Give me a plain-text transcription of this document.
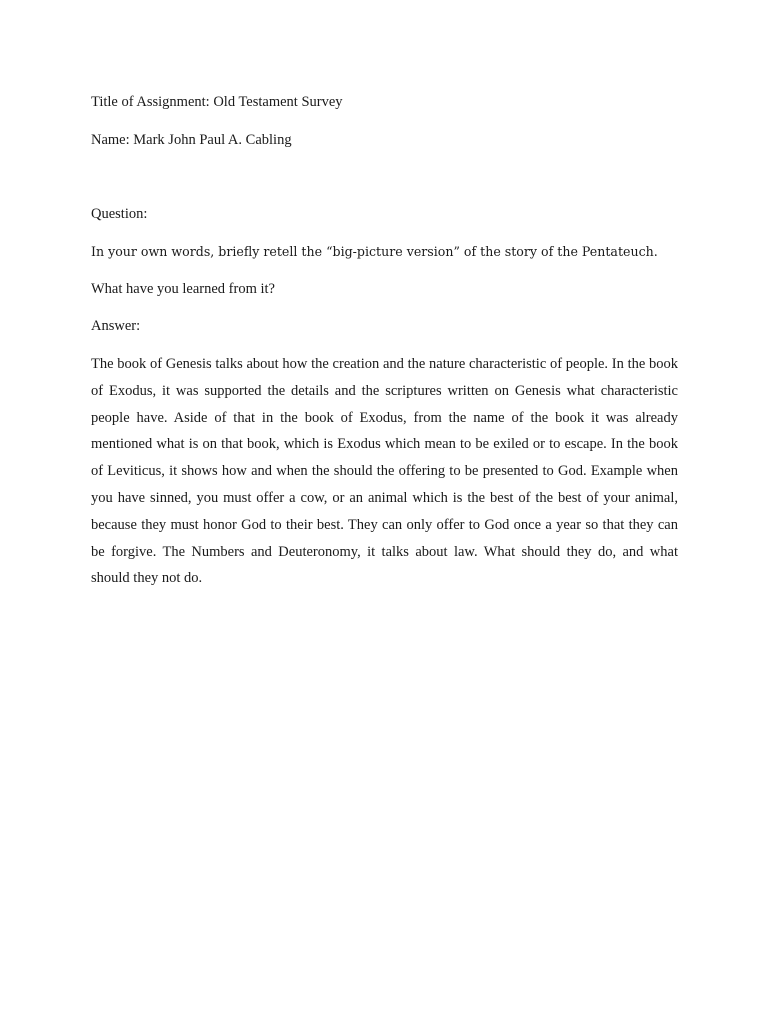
Title of Assignment: Old Testament Survey

Name: Mark John Paul A. Cabling

Question:

In your own words, briefly retell the “big-picture version” of the story of the Pentateuch.

What have you learned from it?

Answer:

The book of Genesis talks about how the creation and the nature characteristic of people. In the book of Exodus, it was supported the details and the scriptures written on Genesis what characteristic people have. Aside of that in the book of Exodus, from the name of the book it was already mentioned what is on that book, which is Exodus which mean to be exiled or to escape. In the book of Leviticus, it shows how and when the should the offering to be presented to God. Example when you have sinned, you must offer a cow, or an animal which is the best of the best of your animal, because they must honor God to their best. They can only offer to God once a year so that they can be forgive. The Numbers and Deuteronomy, it talks about law. What should they do, and what should they not do.
